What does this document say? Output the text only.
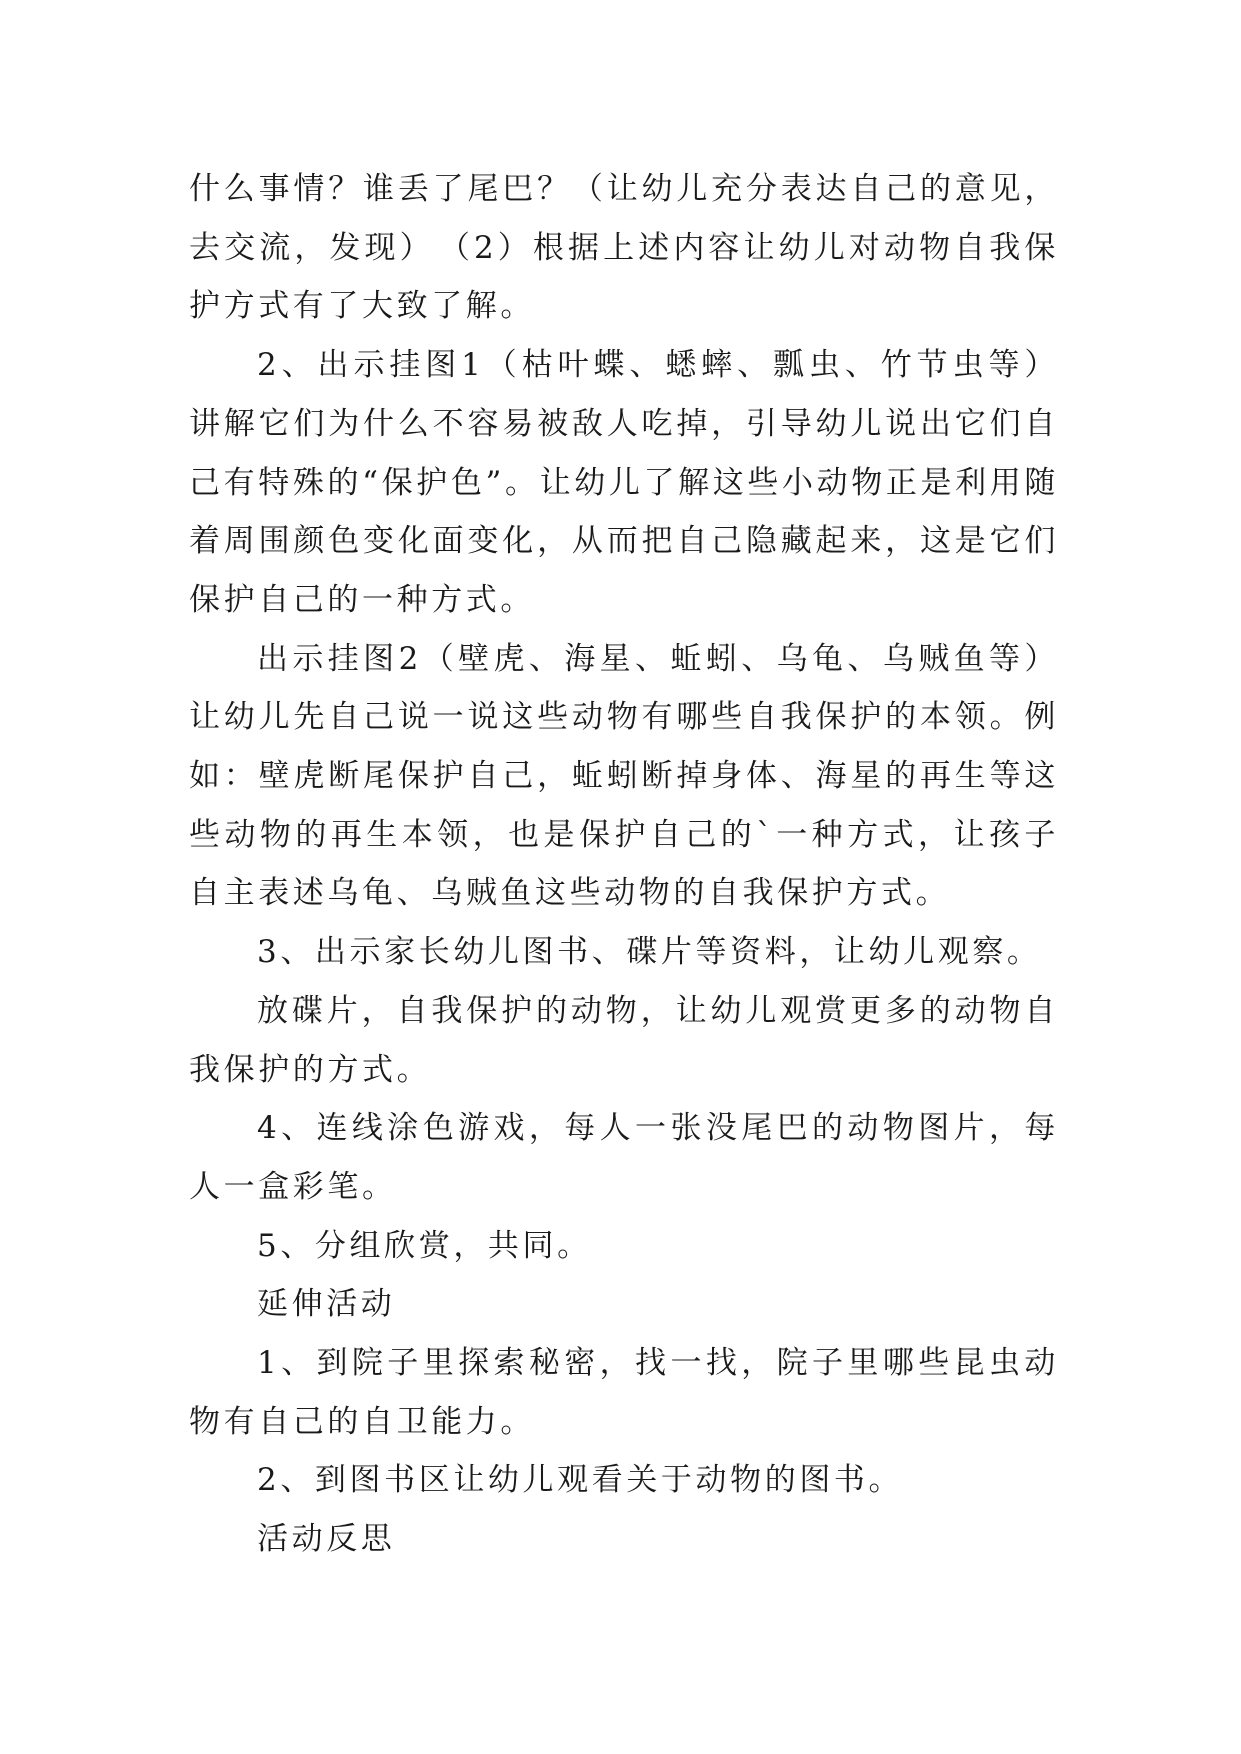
什么事情？谁丢了尾巴？（让幼儿充分表达自己的意见，去交流，发现）　（2）根据上述内容让幼儿对动物自我保护方式有了大致了解。

2、出示挂图1（枯叶蝶、蟋蟀、瓢虫、竹节虫等）讲解它们为什么不容易被敌人吃掉，引导幼儿说出它们自己有特殊的“保护色”。让幼儿了解这些小动物正是利用随着周围颜色变化面变化，从而把自己隐藏起来，这是它们保护自己的一种方式。

出示挂图2（壁虎、海星、蚯蚓、乌龟、乌贼鱼等）让幼儿先自己说一说这些动物有哪些自我保护的本领。例如：壁虎断尾保护自己，蚯蚓断掉身体、海星的再生等这些动物的再生本领，也是保护自己的`一种方式，让孩子自主表述乌龟、乌贼鱼这些动物的自我保护方式。

3、出示家长幼儿图书、碟片等资料，让幼儿观察。

放碟片，自我保护的动物，让幼儿观赏更多的动物自我保护的方式。

4、连线涂色游戏，每人一张没尾巴的动物图片，每人一盒彩笔。

5、分组欣赏，共同。

延伸活动

1、到院子里探索秘密，找一找，院子里哪些昆虫动物有自己的自卫能力。

2、到图书区让幼儿观看关于动物的图书。

活动反思
